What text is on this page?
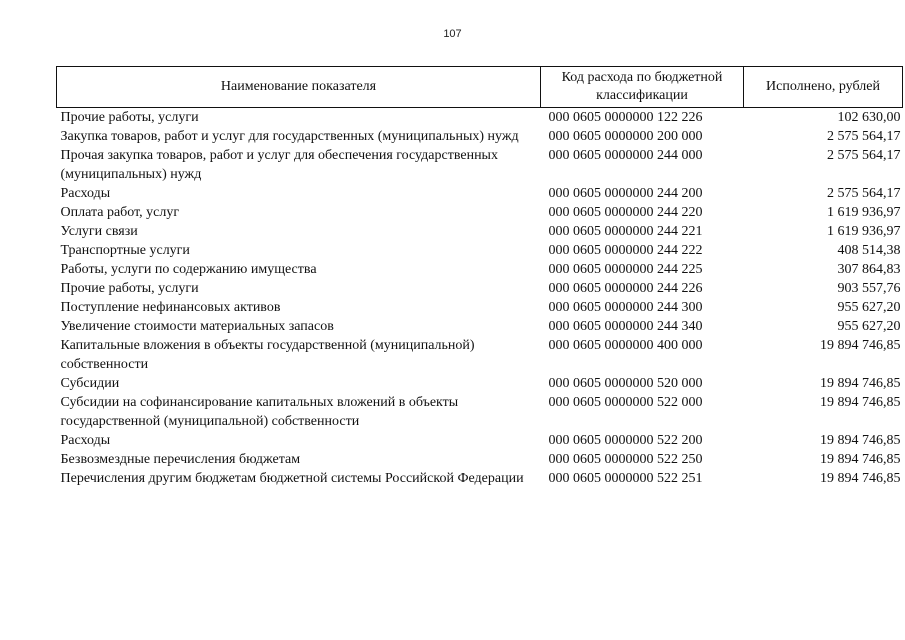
107
Наименование показателя	Код расхода по бюджетной классификации	Исполнено, рублей
Прочие работы, услуги	000 0605 0000000 122 226	102 630,00
Закупка товаров, работ и услуг для государственных (муниципальных) нужд	000 0605 0000000 200 000	2 575 564,17
Прочая закупка товаров, работ и услуг для обеспечения государственных (муниципальных) нужд	000 0605 0000000 244 000	2 575 564,17
Расходы	000 0605 0000000 244 200	2 575 564,17
Оплата работ, услуг	000 0605 0000000 244 220	1 619 936,97
Услуги связи	000 0605 0000000 244 221	1 619 936,97
Транспортные услуги	000 0605 0000000 244 222	408 514,38
Работы, услуги по содержанию имущества	000 0605 0000000 244 225	307 864,83
Прочие работы, услуги	000 0605 0000000 244 226	903 557,76
Поступление нефинансовых активов	000 0605 0000000 244 300	955 627,20
Увеличение стоимости материальных запасов	000 0605 0000000 244 340	955 627,20
Капитальные вложения в объекты государственной (муниципальной) собственности	000 0605 0000000 400 000	19 894 746,85
Субсидии	000 0605 0000000 520 000	19 894 746,85
Субсидии на софинансирование капитальных вложений в объекты государственной (муниципальной) собственности	000 0605 0000000 522 000	19 894 746,85
Расходы	000 0605 0000000 522 200	19 894 746,85
Безвозмездные перечисления бюджетам	000 0605 0000000 522 250	19 894 746,85
Перечисления другим бюджетам бюджетной системы Российской Федерации	000 0605 0000000 522 251	19 894 746,85
